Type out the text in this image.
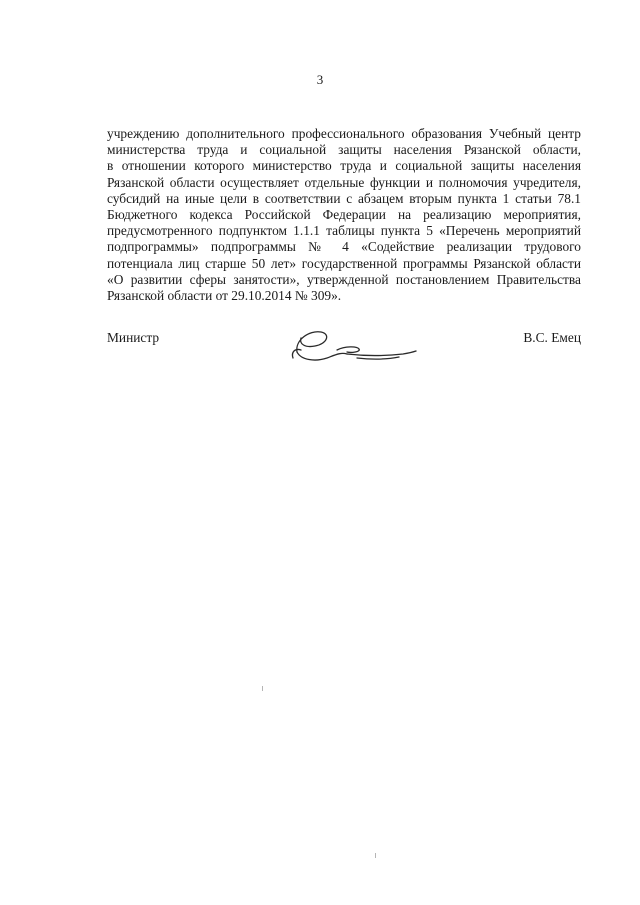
3
учреждению дополнительного профессионального образования Учебный центр
министерства труда и социальной защиты населения Рязанской области,
в отношении которого министерство труда и социальной защиты населения
Рязанской области осуществляет отдельные функции и полномочия учредителя,
субсидий на иные цели в соответствии с абзацем вторым пункта 1 статьи 78.1
Бюджетного кодекса Российской Федерации на реализацию мероприятия,
предусмотренного подпунктом 1.1.1 таблицы пункта 5 «Перечень мероприятий
подпрограммы» подпрограммы № 4 «Содействие реализации трудового
потенциала лиц старше 50 лет» государственной программы Рязанской области
«О развитии сферы занятости», утвержденной постановлением Правительства
Рязанской области от 29.10.2014 № 309».
Министр	В.С. Емец
